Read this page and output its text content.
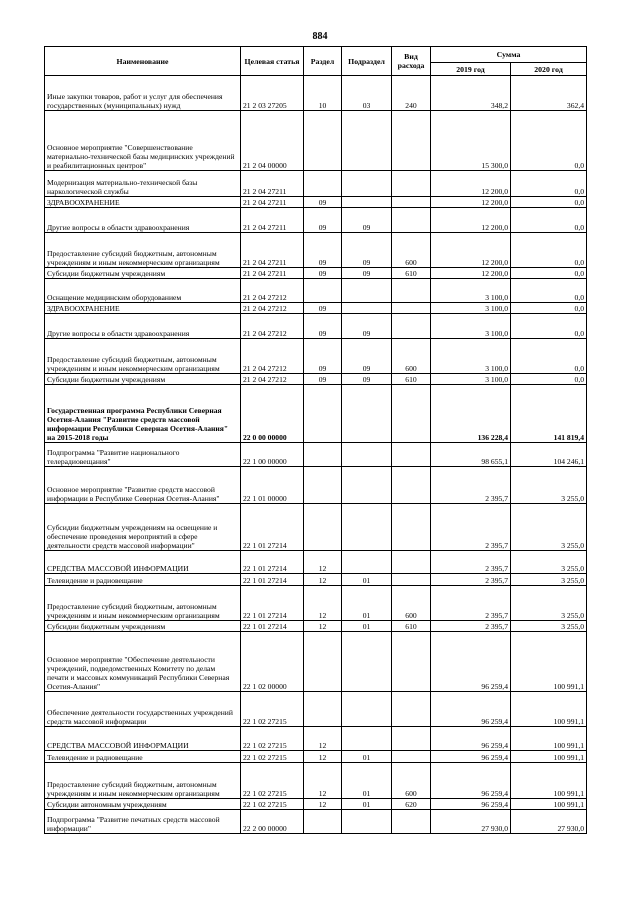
884
Наименование	Целевая статья	Раздел	Подраздел	Вид расхода	Сумма	
					2019 год	2020 год
Иные закупки товаров, работ и услуг для обеспечения государственных (муниципальных) нужд	21 2 03 27205	10	03	240	348,2	362,4
Основное мероприятие "Совершенствование материально-технической базы медицинских учреждений и реабилитационных центров"	21 2 04 00000				15 300,0	0,0
Модернизация материально-технической базы наркологической службы	21 2 04 27211				12 200,0	0,0
ЗДРАВООХРАНЕНИЕ	21 2 04 27211	09			12 200,0	0,0
Другие вопросы в области здравоохранения	21 2 04 27211	09	09		12 200,0	0,0
Предоставление субсидий бюджетным, автономным учреждениям и иным некоммерческим организациям	21 2 04 27211	09	09	600	12 200,0	0,0
Субсидии бюджетным учреждениям	21 2 04 27211	09	09	610	12 200,0	0,0
Оснащение медицинским оборудованием	21 2 04 27212				3 100,0	0,0
ЗДРАВООХРАНЕНИЕ	21 2 04 27212	09			3 100,0	0,0
Другие вопросы в области здравоохранения	21 2 04 27212	09	09		3 100,0	0,0
Предоставление субсидий бюджетным, автономным учреждениям и иным некоммерческим организациям	21 2 04 27212	09	09	600	3 100,0	0,0
Субсидии бюджетным учреждениям	21 2 04 27212	09	09	610	3 100,0	0,0
Государственная программа Республики Северная Осетия-Алания "Развитие средств массовой информации Республики Северная Осетия-Алания" на 2015-2018 годы	22 0 00 00000				136 228,4	141 819,4
Подпрограмма "Развитие национального телерадиовещания"	22 1 00 00000				98 655,1	104 246,1
Основное мероприятие "Развитие средств массовой информации в Республике Северная Осетия-Алания"	22 1 01 00000				2 395,7	3 255,0
Субсидии бюджетным учреждениям на освещение и обеспечение проведения мероприятий в сфере деятельности средств массовой информации"	22 1 01 27214				2 395,7	3 255,0
СРЕДСТВА МАССОВОЙ ИНФОРМАЦИИ	22 1 01 27214	12			2 395,7	3 255,0
Телевидение и радиовещание	22 1 01 27214	12	01		2 395,7	3 255,0
Предоставление субсидий бюджетным, автономным учреждениям и иным некоммерческим организациям	22 1 01 27214	12	01	600	2 395,7	3 255,0
Субсидии бюджетным учреждениям	22 1 01 27214	12	01	610	2 395,7	3 255,0
Основное мероприятие "Обеспечение деятельности учреждений, подведомственных Комитету по делам печати и массовых коммуникаций Республики Северная Осетия-Алания"	22 1 02 00000				96 259,4	100 991,1
Обеспечение деятельности государственных учреждений средств массовой информации	22 1 02 27215				96 259,4	100 991,1
СРЕДСТВА МАССОВОЙ ИНФОРМАЦИИ	22 1 02 27215	12			96 259,4	100 991,1
Телевидение и радиовещание	22 1 02 27215	12	01		96 259,4	100 991,1
Предоставление субсидий бюджетным, автономным учреждениям и иным некоммерческим организациям	22 1 02 27215	12	01	600	96 259,4	100 991,1
Субсидии автономным учреждениям	22 1 02 27215	12	01	620	96 259,4	100 991,1
Подпрограмма "Развитие печатных средств массовой информации"	22 2 00 00000				27 930,0	27 930,0
